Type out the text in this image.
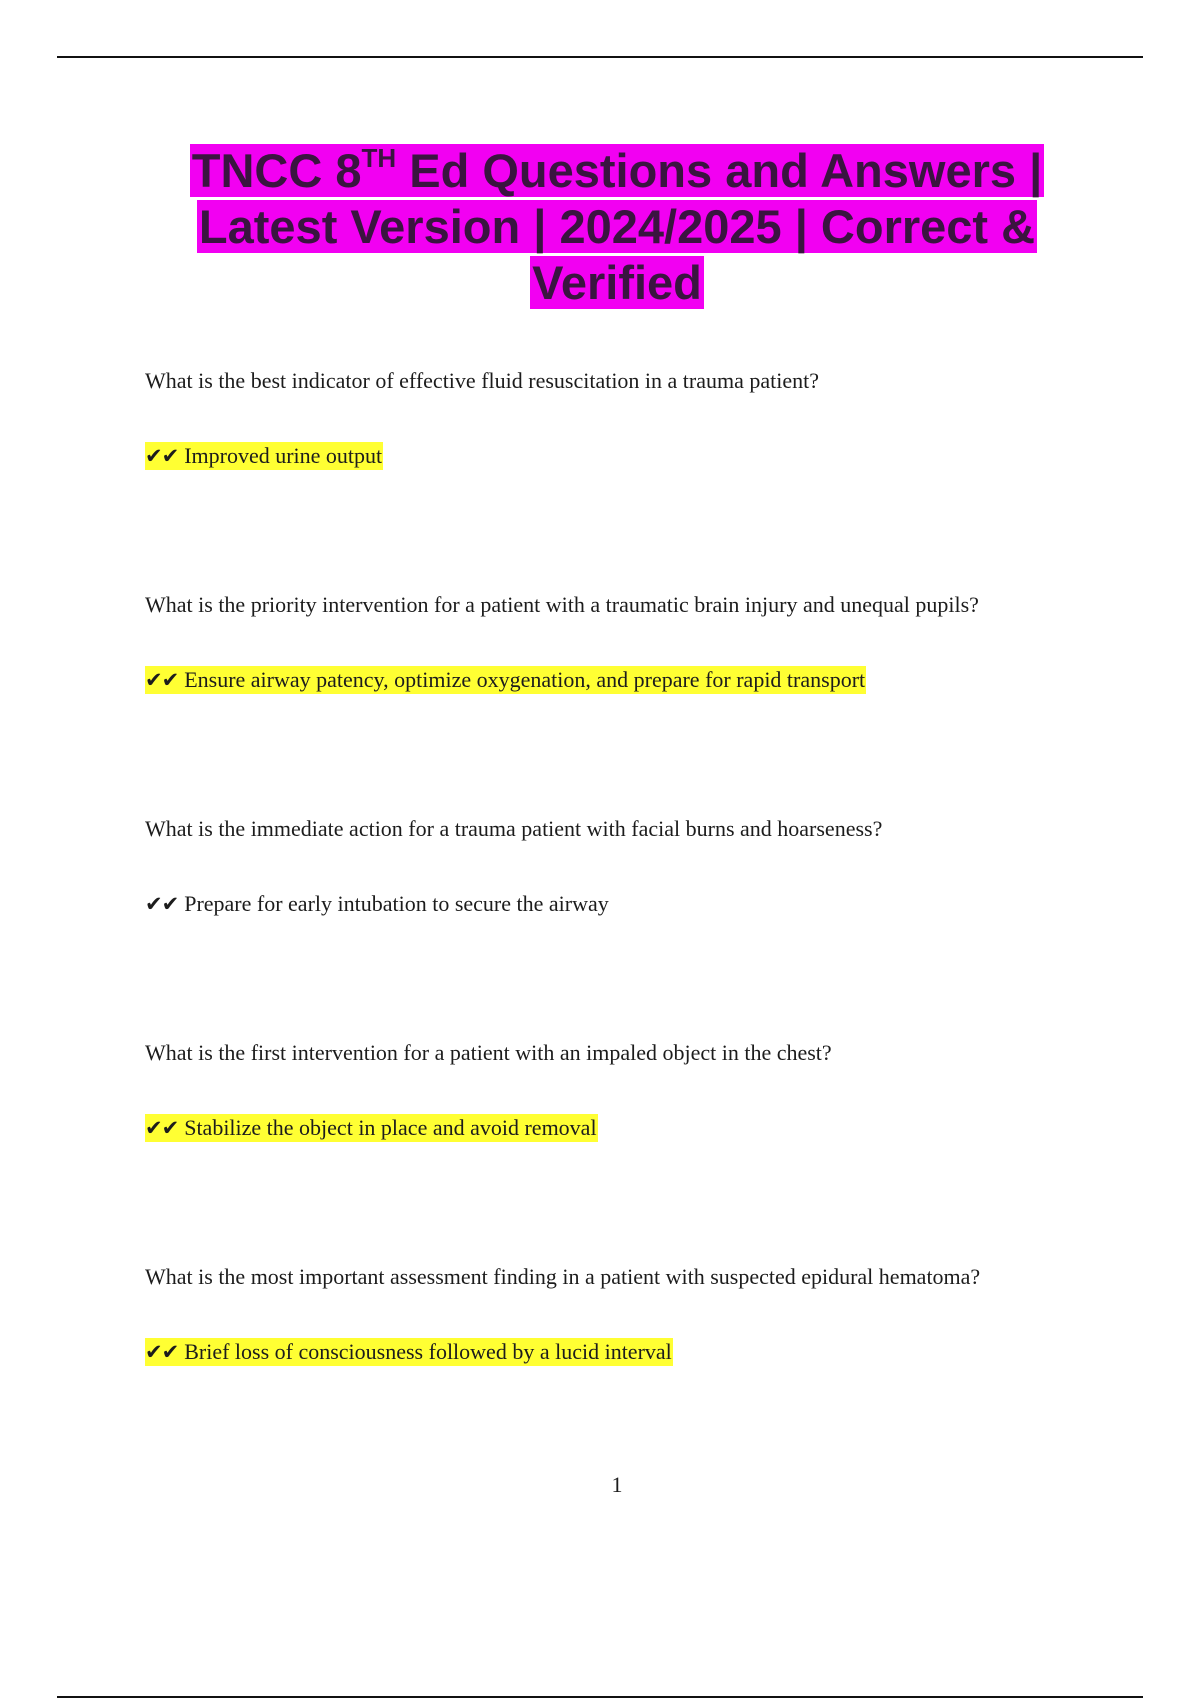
TNCC 8TH Ed Questions and Answers | Latest Version | 2024/2025 | Correct & Verified
What is the best indicator of effective fluid resuscitation in a trauma patient?
✔✔ Improved urine output
What is the priority intervention for a patient with a traumatic brain injury and unequal pupils?
✔✔ Ensure airway patency, optimize oxygenation, and prepare for rapid transport
What is the immediate action for a trauma patient with facial burns and hoarseness?
✔✔ Prepare for early intubation to secure the airway
What is the first intervention for a patient with an impaled object in the chest?
✔✔ Stabilize the object in place and avoid removal
What is the most important assessment finding in a patient with suspected epidural hematoma?
✔✔ Brief loss of consciousness followed by a lucid interval
1
